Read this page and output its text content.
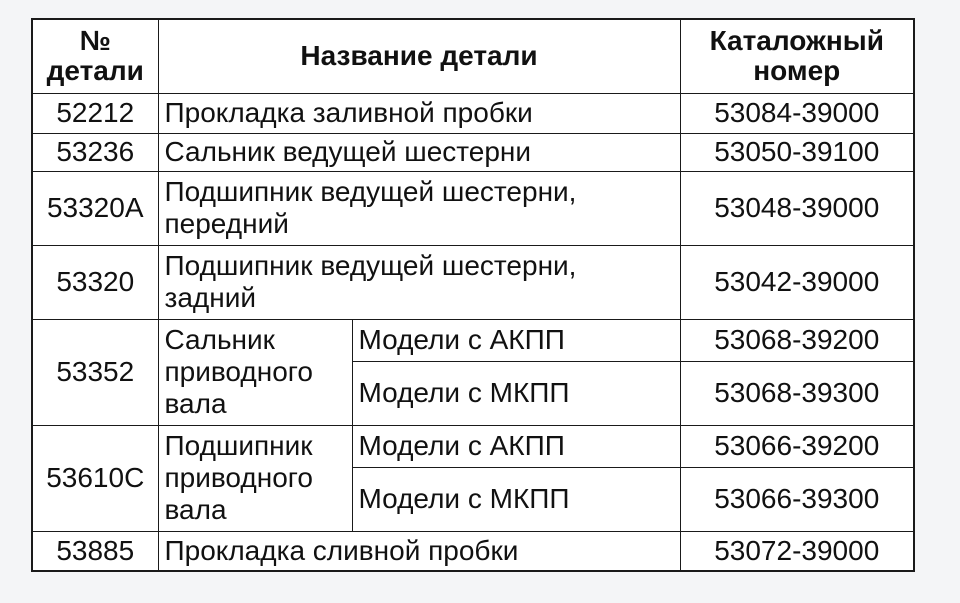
№ детали	Название детали		Каталожный номер
52212	Прокладка заливной пробки		53084-39000
53236	Сальник ведущей шестерни		53050-39100
53320A	Подшипник ведущей шестерни, передний		53048-39000
53320	Подшипник ведущей шестерни, задний		53042-39000
53352	Сальник приводного вала	Модели с АКПП	53068-39200
		Модели с МКПП	53068-39300
53610C	Подшипник приводного вала	Модели с АКПП	53066-39200
		Модели с МКПП	53066-39300
53885	Прокладка сливной пробки		53072-39000
